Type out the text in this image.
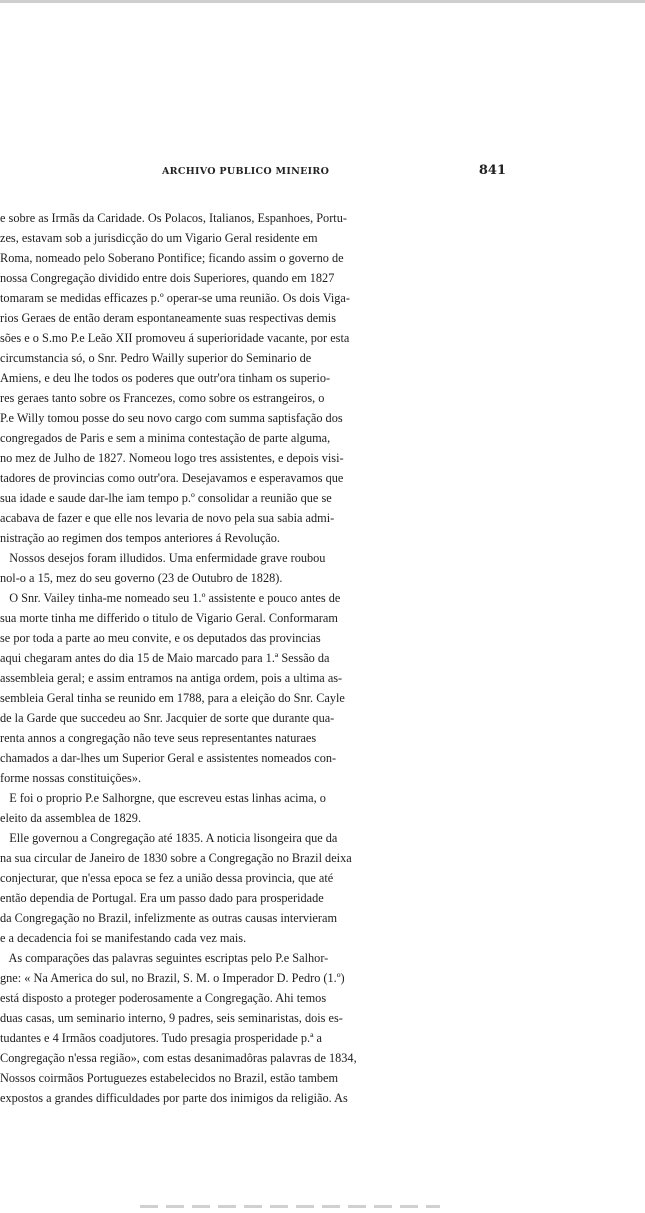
ARCHIVO PUBLICO MINEIRO	841
e sobre as Irmãs da Caridade. Os Polacos, Italianos, Espanhoes, Portu-
zes, estavam sob a jurisdicção do um Vigario Geral residente em
Roma, nomeado pelo Soberano Pontifice; ficando assim o governo de
nossa Congregação dividido entre dois Superiores, quando em 1827
tomaram se medidas efficazes p.º operar-se uma reunião. Os dois Viga-
rios Geraes de então deram espontaneamente suas respectivas demis
sões e o S.mo P.e Leão XII promoveu á superioridade vacante, por esta
circumstancia só, o Snr. Pedro Wailly superior do Seminario de
Amiens, e deu lhe todos os poderes que outr'ora tinham os superio-
res geraes tanto sobre os Francezes, como sobre os estrangeiros, o
P.e Willy tomou posse do seu novo cargo com summa saptisfação dos
congregados de Paris e sem a minima contestação de parte alguma,
no mez de Julho de 1827. Nomeou logo tres assistentes, e depois visi-
tadores de provincias como outr'ora. Desejavamos e esperavamos que
sua idade e saude dar-lhe iam tempo p.º consolidar a reunião que se
acabava de fazer e que elle nos levaria de novo pela sua sabia admi-
nistração ao regimen dos tempos anteriores á Revolução.
Nossos desejos foram illudidos. Uma enfermidade grave roubou
nol-o a 15, mez do seu governo (23 de Outubro de 1828).
O Snr. Vailey tinha-me nomeado seu 1.º assistente e pouco antes de
sua morte tinha me differido o titulo de Vigario Geral. Conformaram
se por toda a parte ao meu convite, e os deputados das provincias
aqui chegaram antes do dia 15 de Maio marcado para 1.ª Sessão da
assembleia geral; e assim entramos na antiga ordem, pois a ultima as-
sembleia Geral tinha se reunido em 1788, para a eleição do Snr. Cayle
de la Garde que succedeu ao Snr. Jacquier de sorte que durante qua-
renta annos a congregação não teve seus representantes naturaes
chamados a dar-lhes um Superior Geral e assistentes nomeados con-
forme nossas constituições».
E foi o proprio P.e Salhorgne, que escreveu estas linhas acima, o
eleito da assemblea de 1829.
Elle governou a Congregação até 1835. A noticia lisongeira que da
na sua circular de Janeiro de 1830 sobre a Congregação no Brazil deixa
conjecturar, que n'essa epoca se fez a união dessa provincia, que até
então dependia de Portugal. Era um passo dado para prosperidade
da Congregação no Brazil, infelizmente as outras causas intervieram
e a decadencia foi se manifestando cada vez mais.
As comparações das palavras seguintes escriptas pelo P.e Salhor-
gne: « Na America do sul, no Brazil, S. M. o Imperador D. Pedro (1.º)
está disposto a proteger poderosamente a Congregação. Ahi temos
duas casas, um seminario interno, 9 padres, seis seminaristas, dois es-
tudantes e 4 Irmãos coadjutores. Tudo presagia prosperidade p.ª a
Congregação n'essa região», com estas desanimadôras palavras de 1834,
Nossos coirmãos Portuguezes estabelecidos no Brazil, estão tambem
expostos a grandes difficuldades por parte dos inimigos da religião. As
